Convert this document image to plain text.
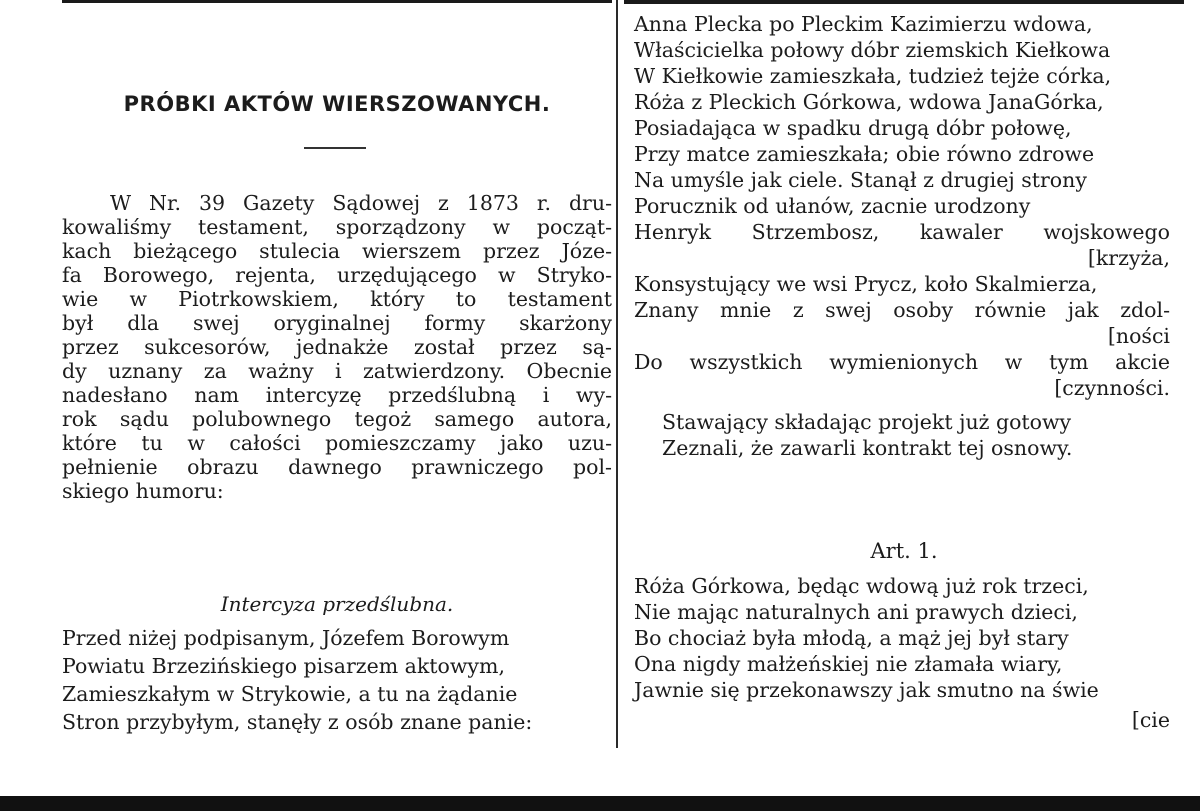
PRÓBKI AKTÓW WIERSZOWANYCH.
W Nr. 39 Gazety Sądowej z 1873 r. dru-
kowaliśmy testament, sporządzony w począt-
kach bieżącego stulecia wierszem przez Józe-
fa Borowego, rejenta, urzędującego w Stryko-
wie w Piotrkowskiem, który to testament
był dla swej oryginalnej formy skarżony
przez sukcesorów, jednakże został przez są-
dy uznany za ważny i zatwierdzony. Obecnie
nadesłano nam intercyzę przedślubną i wy-
rok sądu polubownego tegoż samego autora,
które tu w całości pomieszczamy jako uzu-
pełnienie obrazu dawnego prawniczego pol-
skiego humoru:
Intercyza przedślubna.
Przed niżej podpisanym, Józefem Borowym
Powiatu Brzezińskiego pisarzem aktowym,
Zamieszkałym w Strykowie, a tu na żądanie
Stron przybyłym, stanęły z osób znane panie:
Anna Plecka po Pleckim Kazimierzu wdowa,
Właścicielka połowy dóbr ziemskich Kiełkowa
W Kiełkowie zamieszkała, tudzież tejże córka,
Róża z Pleckich Górkowa, wdowa JanaGórka,
Posiadająca w spadku drugą dóbr połowę,
Przy matce zamieszkała; obie równo zdrowe
Na umyśle jak ciele. Stanął z drugiej strony
Porucznik od ułanów, zacnie urodzony
Henryk Strzembosz, kawaler wojskowego
[krzyża,
Konsystujący we wsi Prycz, koło Skalmierza,
Znany mnie z swej osoby równie jak zdol-
[ności
Do wszystkich wymienionych w tym akcie
[czynności.
Stawający składając projekt już gotowy
Zeznali, że zawarli kontrakt tej osnowy.
Art. 1.
Róża Górkowa, będąc wdową już rok trzeci,
Nie mając naturalnych ani prawych dzieci,
Bo chociaż była młodą, a mąż jej był stary
Ona nigdy małżeńskiej nie złamała wiary,
Jawnie się przekonawszy jak smutno na świe
[cie
